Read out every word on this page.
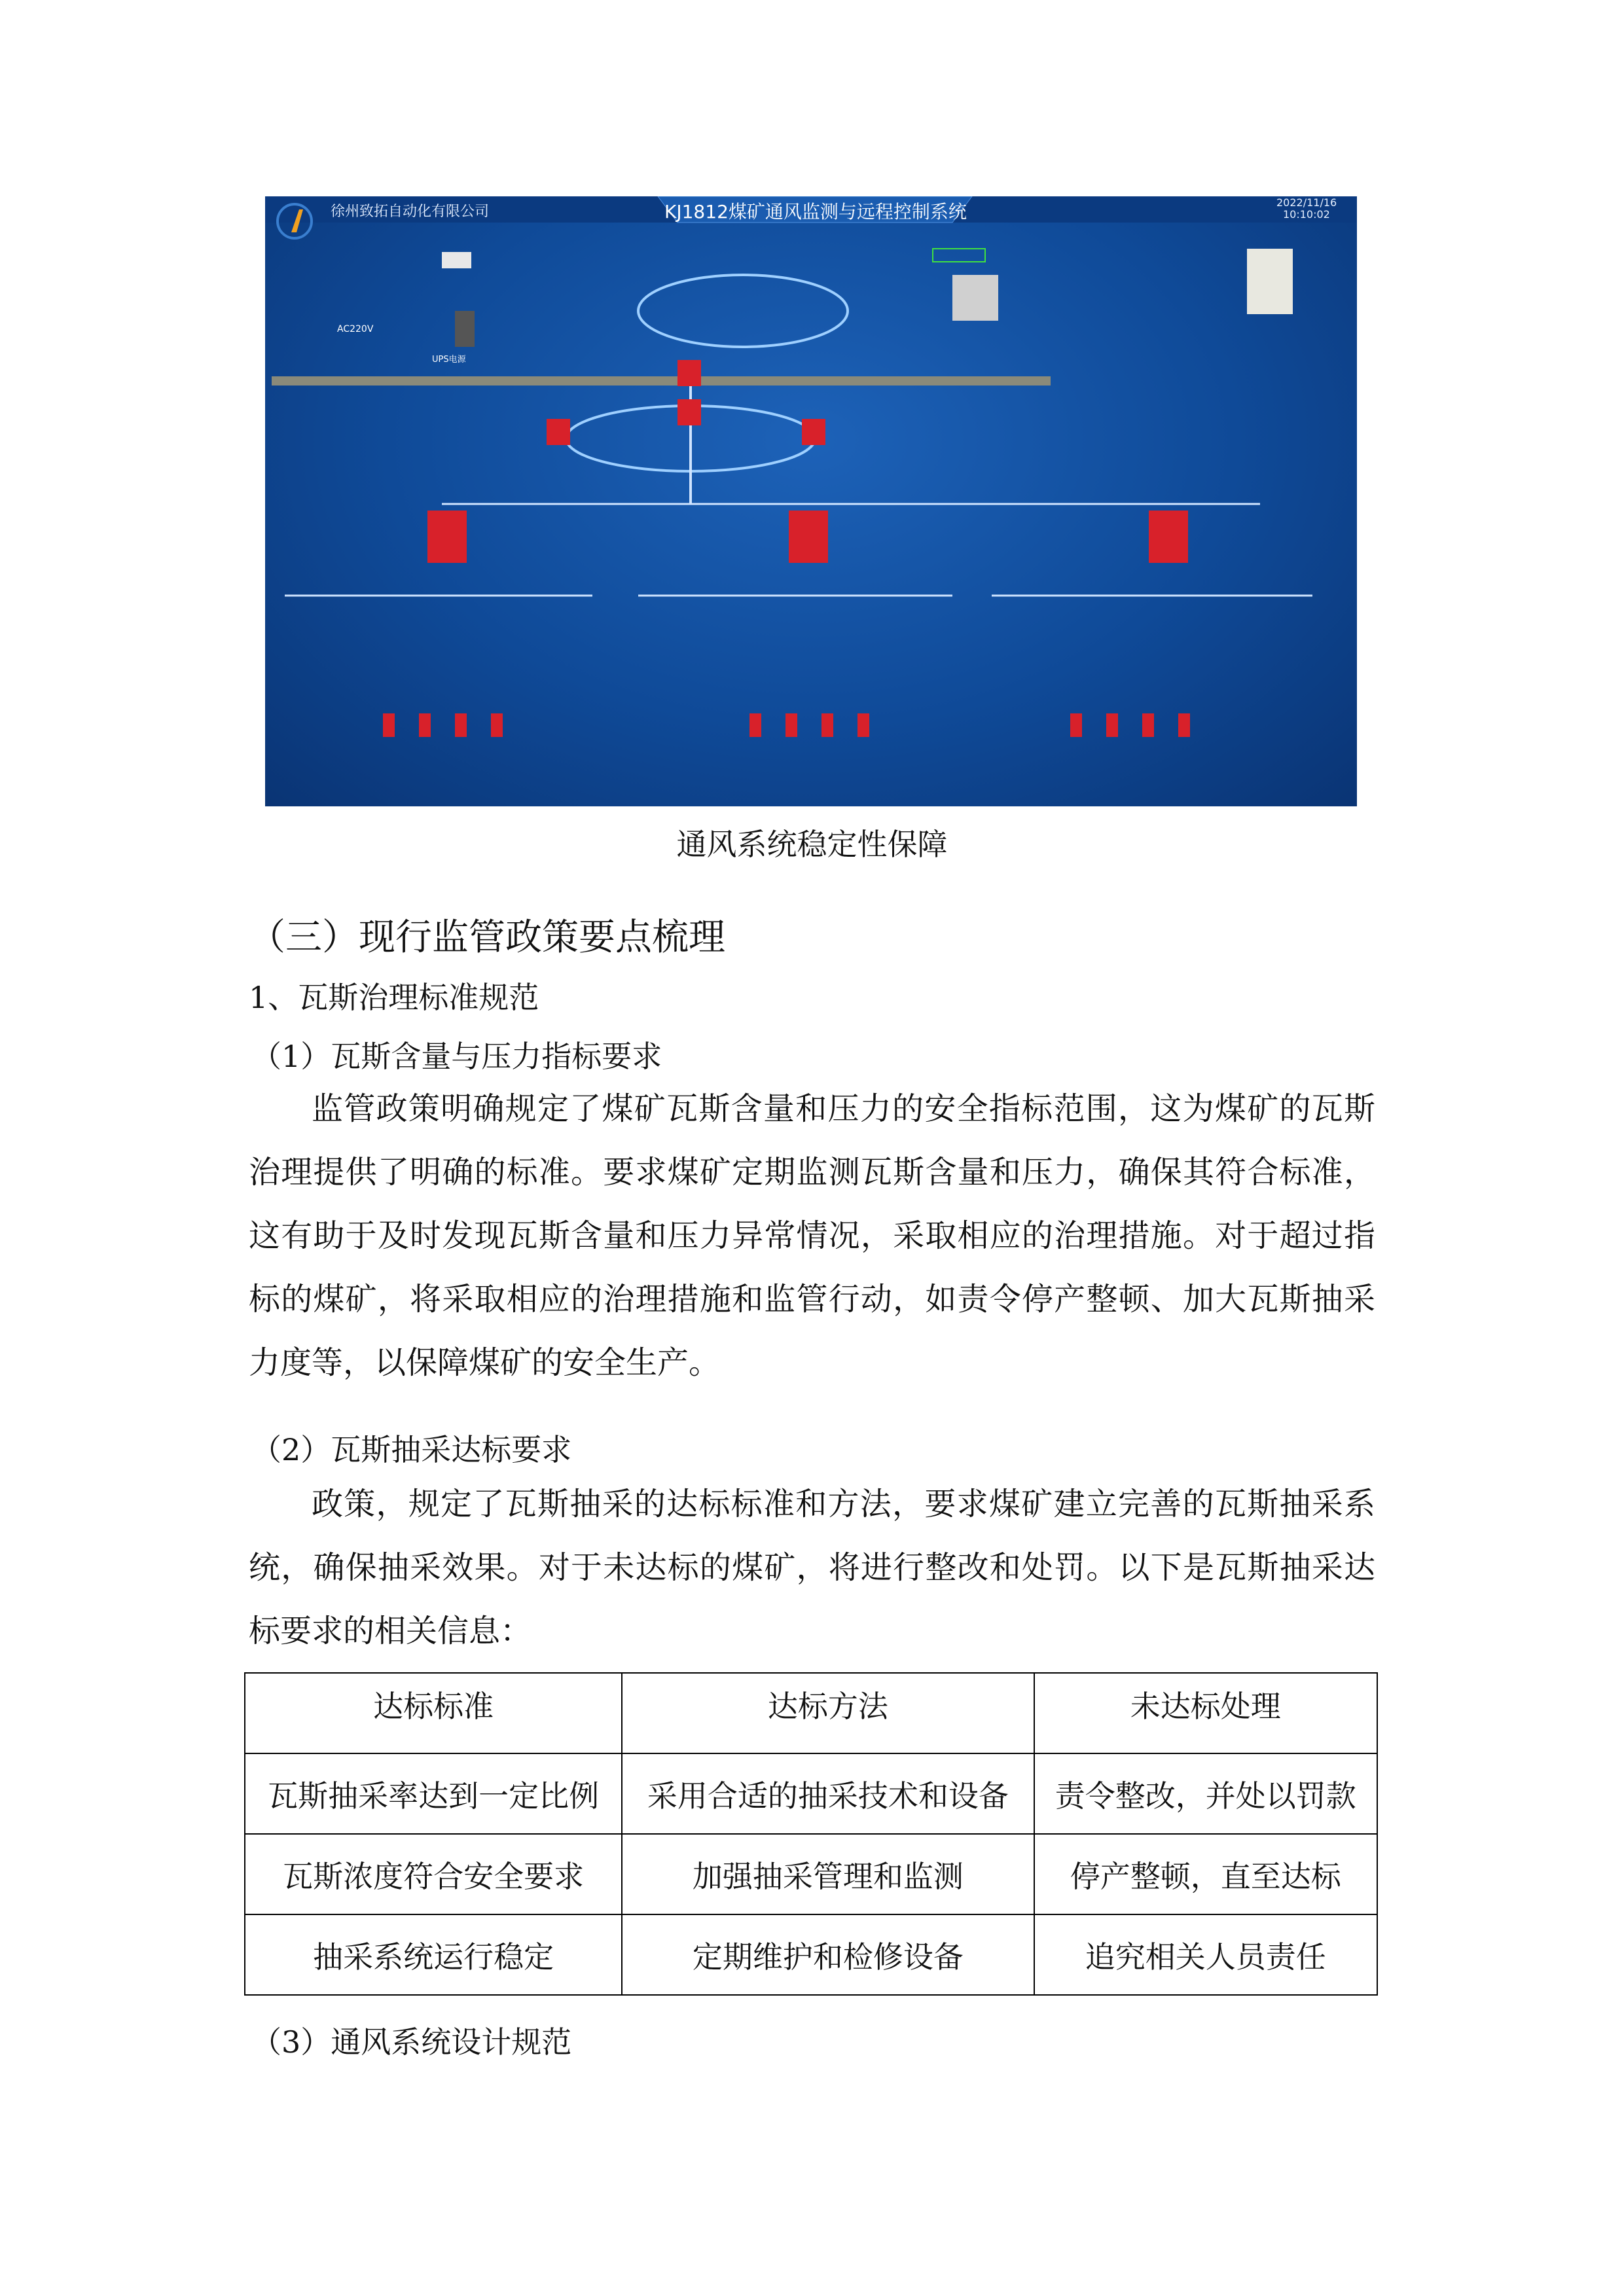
徐州致拓自动化有限公司	KJ1812煤矿通风监测与远程控制系统	2022/11/16
10:10:02
AC220V
UPS电源
通风系统稳定性保障
（三）现行监管政策要点梳理
1、瓦斯治理标准规范
（1）瓦斯含量与压力指标要求
监管政策明确规定了煤矿瓦斯含量和压力的安全指标范围，这为煤矿的瓦斯治理提供了明确的标准。要求煤矿定期监测瓦斯含量和压力，确保其符合标准，这有助于及时发现瓦斯含量和压力异常情况，采取相应的治理措施。对于超过指标的煤矿，将采取相应的治理措施和监管行动，如责令停产整顿、加大瓦斯抽采力度等，以保障煤矿的安全生产。
（2）瓦斯抽采达标要求
政策，规定了瓦斯抽采的达标标准和方法，要求煤矿建立完善的瓦斯抽采系统，确保抽采效果。对于未达标的煤矿，将进行整改和处罚。以下是瓦斯抽采达标要求的相关信息：
达标标准	达标方法	未达标处理
瓦斯抽采率达到一定比例	采用合适的抽采技术和设备	责令整改，并处以罚款
瓦斯浓度符合安全要求	加强抽采管理和监测	停产整顿，直至达标
抽采系统运行稳定	定期维护和检修设备	追究相关人员责任
（3）通风系统设计规范
